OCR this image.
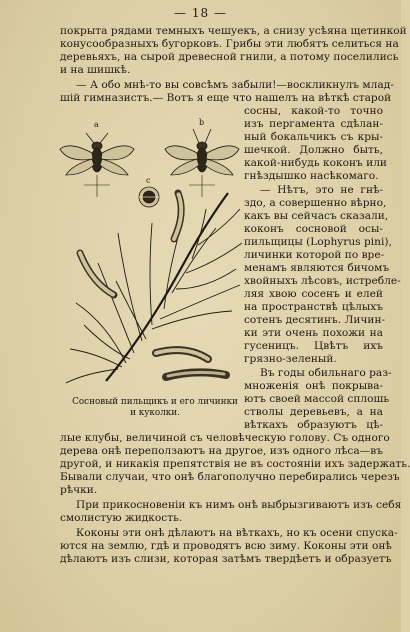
— 18 —
покрыта рядами темныхъ чешуекъ, а снизу усѣяна щетинкой
конусообразныхъ бугорковъ. Грибы эти любятъ селиться на
деревьяхъ, на сырой древесной гнили, а потому поселились
и на шишкѣ.
— А обо мнѣ-то вы совсѣмъ забыли!—воскликнулъ млад-
шій гимназистъ.— Вотъ я еще что нашелъ на вѣткѣ старой
сосны, какой-то точно
изъ пергамента сдѣлан-
ный бокальчикъ съ кры-
шечкой. Должно быть,
какой-нибудь коконъ или
гнѣздышко насѣкомаго.
— Нѣтъ, это не гнѣ-
здо, а совершенно вѣрно,
какъ вы сейчасъ сказали,
коконъ сосновой осы-
пильщицы (Lophyrus pini),
личинки которой по вре-
менамъ являются бичомъ
хвойныхъ лѣсовъ, истребле-
ляя хвою сосенъ и елей
на пространствѣ цѣлыхъ
сотенъ десятинъ. Личин-
ки эти очень похожи на
гусеницъ. Цвѣтъ ихъ
грязно-зеленый.
Въ годы обильнаго раз-
множенія онѣ покрыва-
ютъ своей массой сплошь
стволы деревьевъ, а на
вѣткахъ образуютъ цѣ-
a	b
c
Сосновый пильщикъ и его личинки и куколки.
лые клубы, величиной съ человѣческую голову. Съ одного
дерева онѣ переползаютъ на другое, изъ одного лѣса—въ
другой, и никакія препятствія не въ состояніи ихъ задержать.
Бывали случаи, что онѣ благополучно перебирались черезъ
рѣчки.
При прикосновеніи къ нимъ онѣ выбрызгиваютъ изъ себя
смолистую жидкость.
Коконы эти онѣ дѣлаютъ на вѣткахъ, но къ осени спуска-
ются на землю, гдѣ и проводятъ всю зиму. Коконы эти онѣ
дѣлаютъ изъ слизи, которая затѣмъ твердѣетъ и образуетъ
